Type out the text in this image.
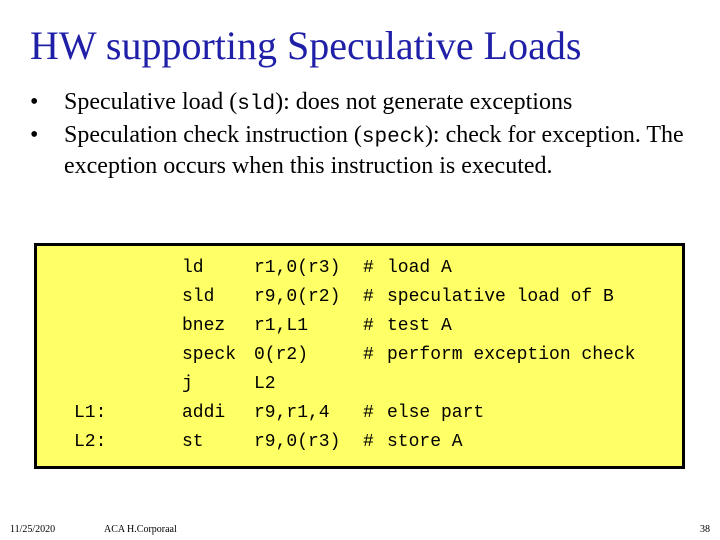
HW supporting Speculative Loads
•	Speculative load (sld): does not generate exceptions
•	Speculation check instruction (speck): check for exception. The exception occurs when this instruction is executed.
ld	r1,0(r3) # load A
sld r9,0(r2) # speculative load of B
bnez r1,L1	# test A
speck 0(r2)	# perform exception check
j	L2
L1:	addi r9,r1,4 # else part
L2:	st	r9,0(r3) # store A
11/25/2020	ACA H.Corporaal	38
